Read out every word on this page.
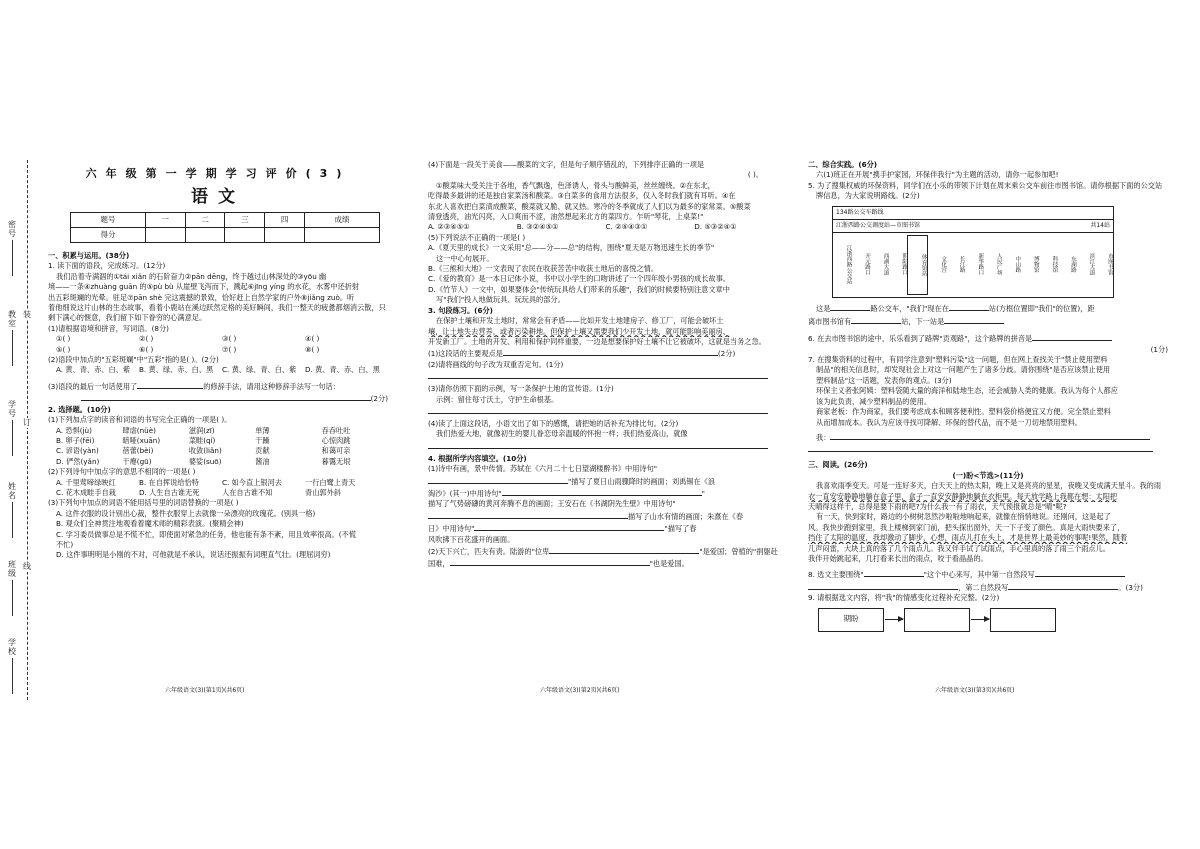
装
订
线
密号
教室
学号
姓名
班级
学校
六年级第一学期学习评价(3)
语文
题号	一	二	三	四	成绩
得分					
一、积累与运用。(38分)
1. 读下面的语段，完成练习。(12分)
我们沿着寺满涸的①tái xiǎn 的石阶奋力②pān dēng，终于越过山林深处的③yōu 幽
境——一条④zhuàng guān 的⑤pù bù 从崖壁飞泻而下，溅起⑥jīng yíng 的水花，水雾中还折射
出五彩斑斓的光晕。驻足⑦pān shè 完这震撼的景致，恰好赶上自然学家的户外⑧jiǎng zuò。听
着他细说这片山林的生态故事，看着小鹿站在溪边跃然定格的美好瞬间，我们一整天的疲惫都烟消云散，只
剩下满心的惬意，我们留下如下眷穷的心满意足。
(1)请根据语境和拼音，写词语。(8分)
①( )	②( )	③( )	④( )
⑤( )	⑥( )	⑦( )	⑧( )
(2)语段中加点的"五彩斑斓"中"五彩"指的是( )。(2分)
A. 黄、青、赤、白、紫	B. 黄、绿、赤、白、黑	C. 黄、绿、青、白、紫	D. 黄、青、赤、白、黑
(3)语段的最后一句话使用了	的修辞手法，请用这种修辞手法写一句话：
(2分)
2. 选择题。(10分)
(1)下列加点字的读音和词语的书写完全正确的一项是( )。
A. 恐惧(jù)	肆虐(nüè)	滋润(zī)	单薄	吞吞吐吐
B. 卵子(fēi)	暗哑(xuān)	菜畦(qí)	干躁	心惊肉跳
C. 谚语(yàn)	蓓蕾(bèi)	收敛(liǎn)	贡献	和蔼可亲
D. 俨然(yǎn)	干瘪(gū)	婆娑(suō)	酱油	暮霭无垠
(2)下列诗句中加点字的意思不相同的一项是( )
A. 千里莺啼绿映红	B. 在自挥说给恰特	C. 如今直上银河去	一行白鹭上青天
C. 花木成畦手自栽	D. 人生自古谁无死	人在自古谁不知	青山郭外斜
(3)下列句中加点的词语不能用括号里的词语替换的一项是( )
A. 这件衣服的设计别出心裁，整件衣服穿上去就像一朵漂亮的玫瑰花。(别具一格)
B. 观众们全神贯注地观看着魔术师的精彩表演。(聚精会神)
C. 学习委员做事总是不慌不忙，即使面对紧急的任务，他也能有条不紊，用且效率很高。(不慌
不忙)
D. 这件事明明是小刚的不对，可他就是不承认，说话还振振有词理直气壮。(理屈词穷)
六年级语文(3)(第1页)(共6页)
(4)下面是一段关于美食——酸菜的文字，但是句子顺序错乱的，下列排序正确的一项是
( )。
①酸菜味大受关注于各地，香气飘逸，色泽诱人，骨头与酸鲜美，丝丝缠绕。②在东北，
吃得最多最讲的还是独自家菜汤和酸菜。③白菜多的食用方法很多，仅入冬时我们就有耳听。④在
东北人喜欢把白菜渍成酸菜，酸菜就又脆、就又热。寒冷的冬季就成了人们以为最多的家常菜。⑤酸菜
清登透亮，油光闪亮，入口爽而不涩，油然想起来北方的菜四方。乍听"琴花，上桌菜!"
A. ②③④⑤①	B. ③②④⑤①	C. ②⑤④③①	D. ⑤③②④①
(5)下列说法不正确的一项是( )
A.《夏天里的成长》一文采用"总——分——总"的结构，围绕"夏天是万物迅速生长的季节"
这一中心句展开。
B.《三熊和大地》一文表现了农民在收获苦苦中收获土地后的喜悦之情。
C.《爱的教育》是一本日记体小说，书中以小学生的口吻讲述了一个四年级小男孩的成长故事。
D.《竹节人》一文中，如果要体会"传统玩具给人们带来的乐趣"，我们的时候要特别注意文章中
写"我们"投入地做玩具、玩玩具的部分。
3. 句段练习。(6分)
在保护土壤和开发土地时，常常会有矛盾——比如开发土地建房子、修工厂，可能会破坏土
壤，让土地失去营养，或者污染耕地。但保护土壤又需要我们少开发土地，就可能影响美丽房、
开发新工厂。土地的开发、利用和保护同样重要，一边是想要保护好土壤不让它被破坏，这就是当务之急。
(1)这段话的主要观点是	(2分)
(2)请将画线的句子改为双重否定句。(1分)
(3)请你仿照下面的示例，写一条保护土地的宣传语。(1分)
示例：留住每寸沃土，守护生命根基。
(4)读了上面这段话，小语文出了如下的感慨，请把她的话补充为排比句。(2分)
我们热爱大地，就像初生的婴儿眷恋母亲温暖的怀抱一样；我们热爱高山，就像
4. 根据所学内容填空。(10分)
(1)诗中有画，景中传情。苏轼在《六月二十七日望湖楼醉书》中用诗句"
"描写了夏日山雨骤降时的画面；刘禹锡在《浪
淘沙》(其一)中用诗句"	"
描写了气势磅礴的黄河奔腾不息的画面；王安石在《书湖阴先生壁》中用诗句"
描写了山水有情的画面；朱熹在《春
日》中用诗句"	"描写了春
风吹拂下百花盛开的画面。
(2)天下兴亡，匹夫有责。陆游的"位卑	"是爱国；曾植的"捐躯赴
国难，	"也是爱国。
六年级语文(3)(第2页)(共6页)
二、综合实践。(6分)
六(1)班正在开展"携手护家园，环保伴我行"为主题的活动，请你一起参加吧!
5. 为了搜集权威的环保资料，同学们在小乐的带领下计划在周末乘公交车前往市图书馆。请你根据下面的公交站
牌信息，为大家说明路线。(2分)
134路公交车路线
江浙西路公交调度站—市图书馆	共14站
江浙西路公交站	开元路口	西湖大道	朝阳路口	体育馆站	文化宫	长江路	新华路口	人民广场	中山路	博物馆	科技馆	东湖路	滨江大道	市图书馆
这是	路公交车，"我们"现在在	站(方框位置即"我们"的位置)，距
离市图书馆有	站，下一站是
6. 在去市图书馆的途中，乐乐看到了路牌"贡观路"，这个路牌的拼音是
(1分)
7. 在搜集资料的过程中，有同学注意到"塑料污染"这一问题，但在网上查找关于"禁止使用塑料
制品"的相关信息时，却发现社会上对这一问题产生了诸多分歧。请你围绕"是否应该禁止使用
塑料制品"这一话题，发表你的观点。(3分)
环保主义者张阿姨：塑料袋随大量的海洋和陆地生态，还会威胁人类的健康。我认为每个人都应
该为此负责，减少塑料制品的使用。
商家老板：作为商家，我们要考虑成本和顾客便利性。塑料袋价格便宜又方便。完全禁止塑料
从而增加成本。我认为应该寻找可降解、环保的替代品，而不是一刀切地禁用塑料。
我：
三、阅读。(26分)
(一)盼<节选>(11分)
我喜欢雨季变天。可是一连好多天，白天天上的热太阳，晚上又是亮亮的星星，夜晚又变成满天星斗。我的雨
衣一直安安静静地躺在盒子里，盒子一直安安静静地躺在衣柜里。每天放学路上我都在想：太阳把
天晴得这样干，总得是要下雨的吧?为什么我一有了雨衣，天气预报就总是"晴"呢?
有一天，快到家时，路边的小树树忽然沙啦啦地响起来，就像在悄悄地说。还刚问，这是起了
风。我快步跑到家里，我上楼梯到家门前，把头探出窗外，天一下子变了颜色。真是大雨快要来了，
挡住了太阳的温度，我却激动了脚步，心想，雨点儿打在头上，才是世界上最美妙的事呢!果然，随着
几声闷雷，大块上真的落了几个雨点儿。我又伴手试了试雨点，手心里真的落了雨三个雨点儿。
我伴开始跳起来，几打看来长出的雨点，咬于看晶晶的。
8. 选文主要围绕"	"这个中心来写，其中第一自然段写
，第二自然段写	。(3分)
9. 请根据选文内容，将"我"的情感变化过程补充完整。(2分)
期盼
六年级语文(3)(第3页)(共6页)
